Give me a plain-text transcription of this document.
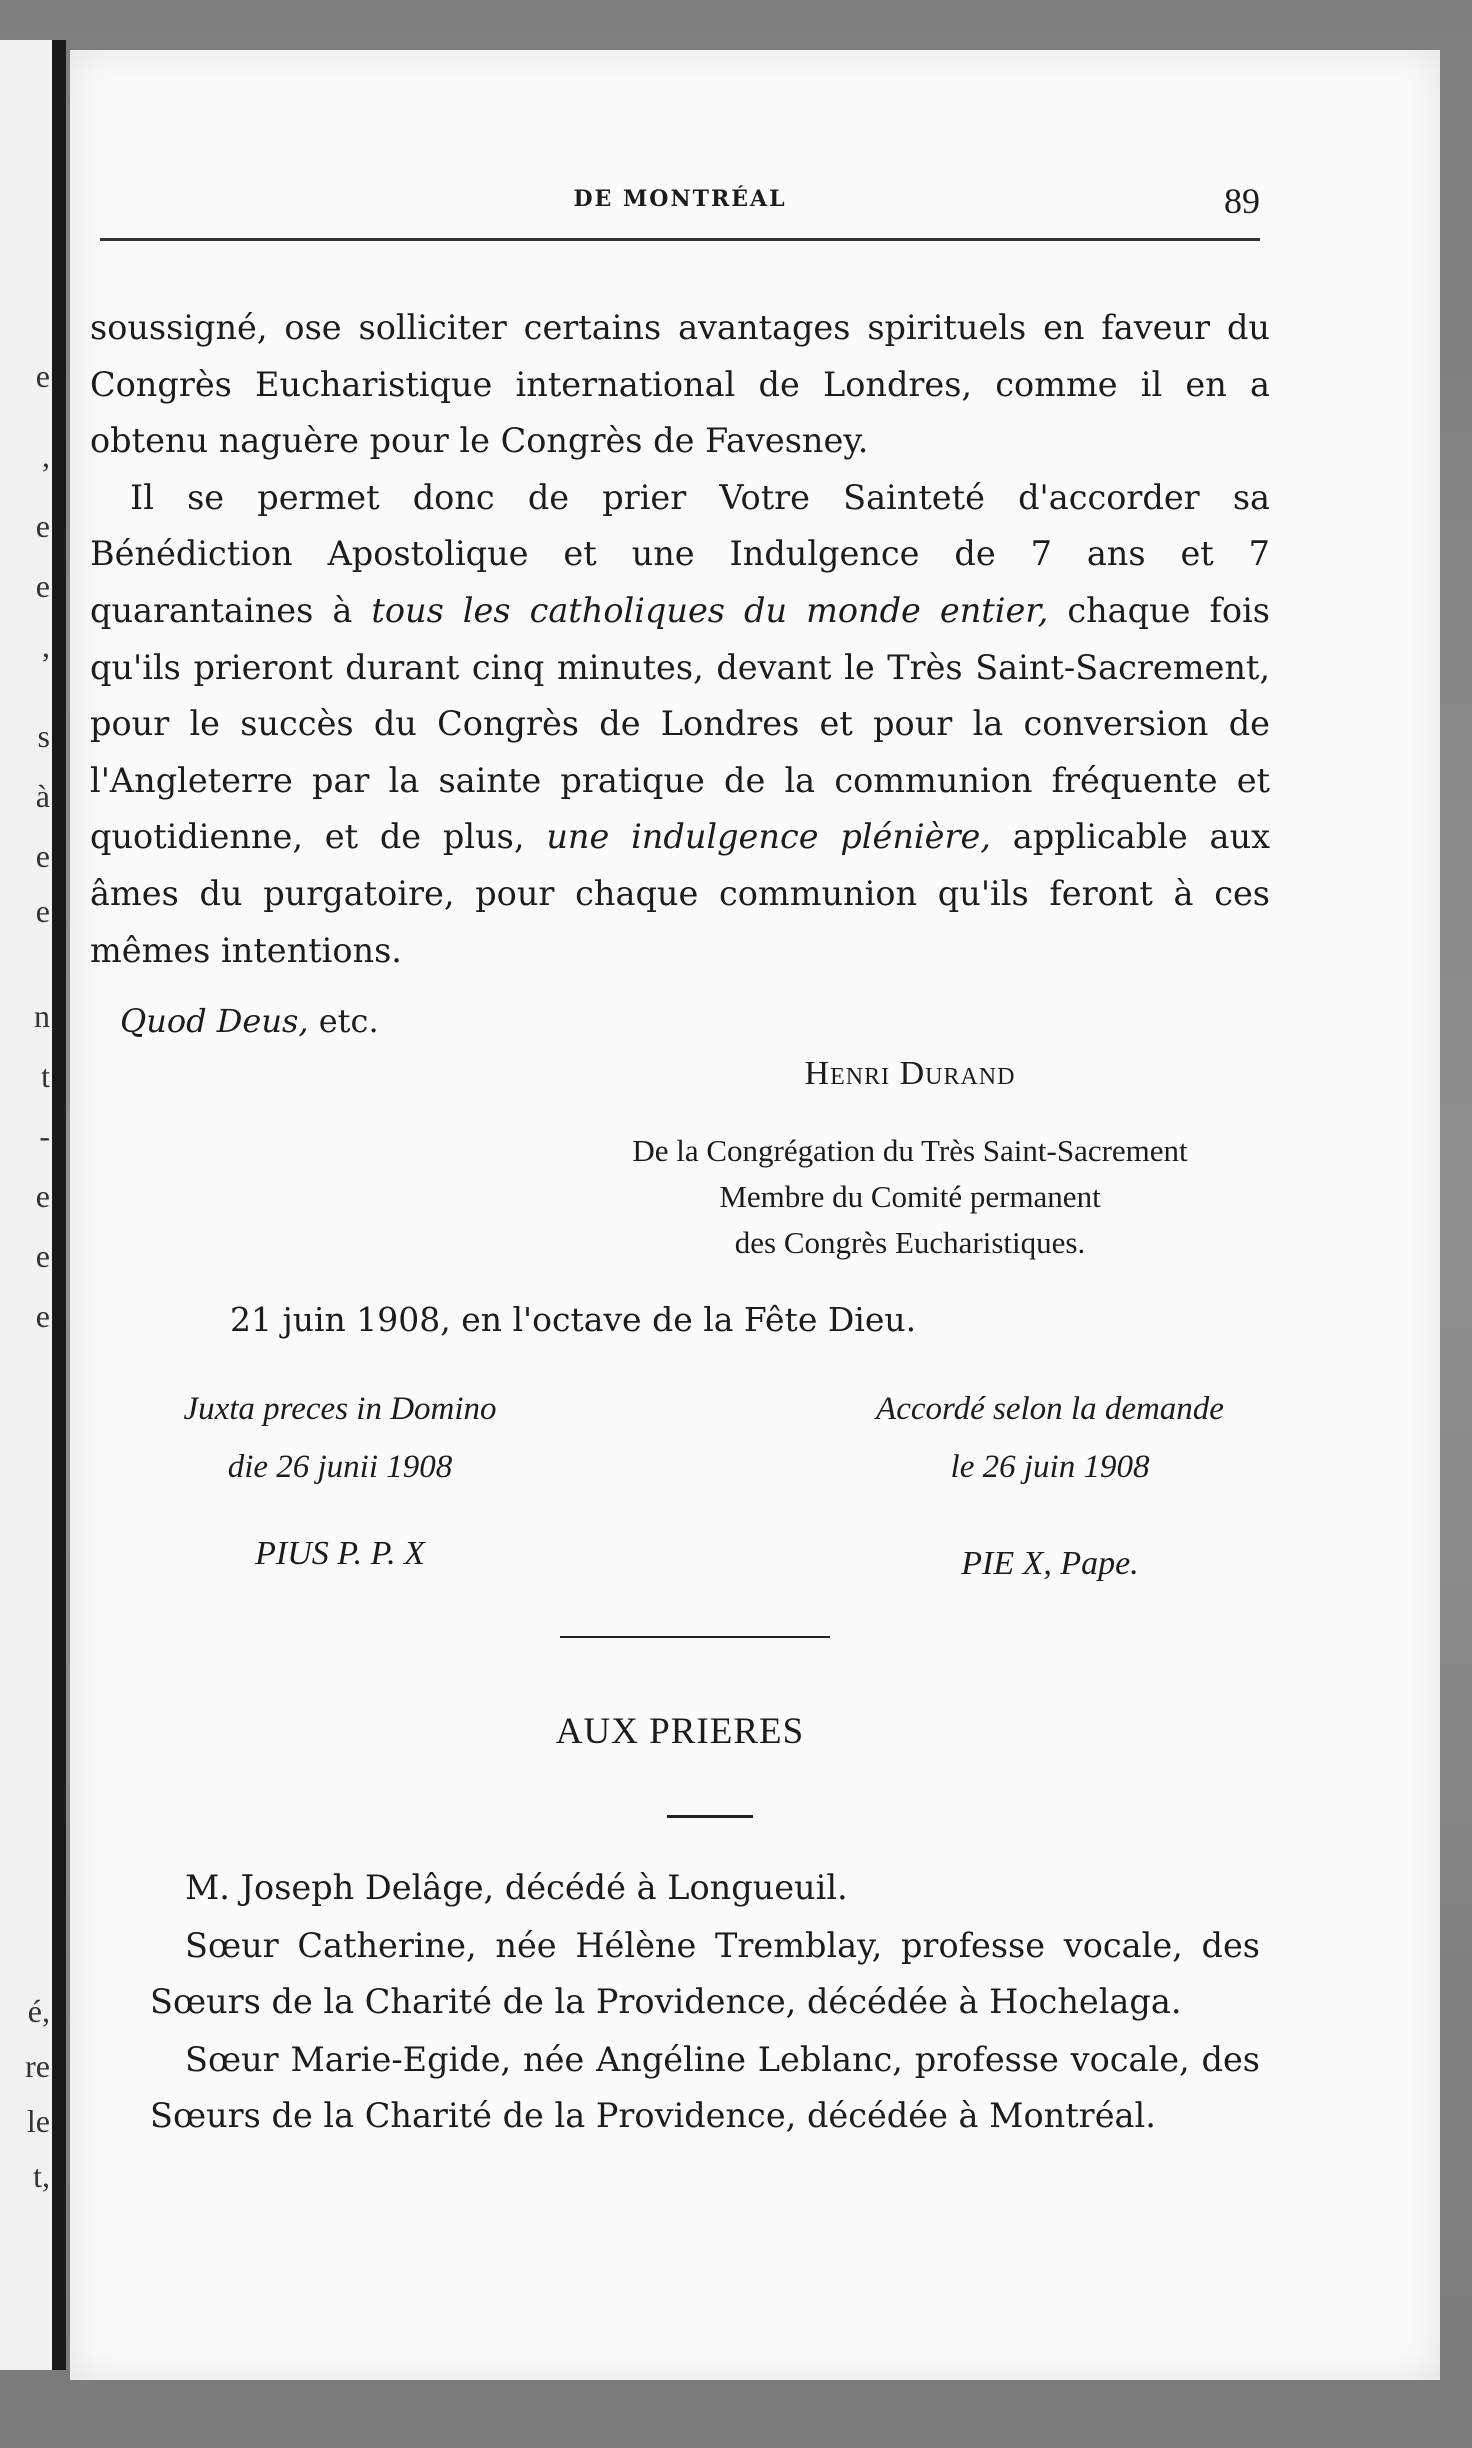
e
,
e
e
,
s
à
e
e
n
t
-
e
e
e
é,
re
le
t,
DE MONTRÉAL	89

soussigné, ose solliciter certains avantages spirituels en faveur du Congrès Eucharistique international de Londres, comme il en a obtenu naguère pour le Congrès de Favesney.

Il se permet donc de prier Votre Sainteté d'accorder sa Bénédiction Apostolique et une Indulgence de 7 ans et 7 quarantaines à tous les catholiques du monde entier, chaque fois qu'ils prieront durant cinq minutes, devant le Très Saint-Sacrement, pour le succès du Congrès de Londres et pour la conversion de l'Angleterre par la sainte pratique de la communion fréquente et quotidienne, et de plus, une indulgence plénière, applicable aux âmes du purgatoire, pour chaque communion qu'ils feront à ces mêmes intentions.

Quod Deus, etc.
Henri Durand
De la Congrégation du Très Saint-Sacrement
Membre du Comité permanent
des Congrès Eucharistiques.
21 juin 1908, en l'octave de la Fête Dieu.
Juxta preces in Domino
die 26 junii 1908
Accordé selon la demande
le 26 juin 1908
PIUS P. P. X	PIE X, Pape.
AUX PRIERES

M. Joseph Delâge, décédé à Longueuil.

Sœur Catherine, née Hélène Tremblay, professe vocale, des Sœurs de la Charité de la Providence, décédée à Hochelaga.

Sœur Marie-Egide, née Angéline Leblanc, professe vocale, des Sœurs de la Charité de la Providence, décédée à Montréal.
